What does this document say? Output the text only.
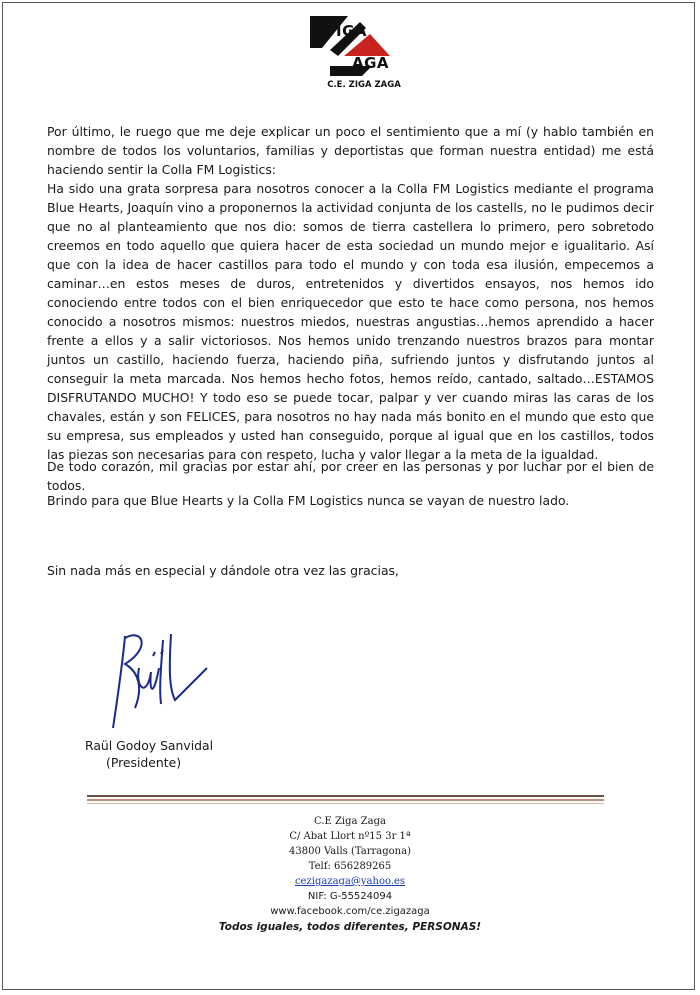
IGA
AGA
C.E. ZIGA ZAGA
Por último, le ruego que me deje explicar un poco el sentimiento que a mí (y hablo también en nombre de todos los voluntarios, familias y deportistas que forman nuestra entidad) me está haciendo sentir la Colla FM Logistics:
Ha sido una grata sorpresa para nosotros conocer a la Colla FM Logistics mediante el programa Blue Hearts, Joaquín vino a proponernos la actividad conjunta de los castells, no le pudimos decir que no al planteamiento que nos dio: somos de tierra castellera lo primero, pero sobretodo creemos en todo aquello que quiera hacer de esta sociedad un mundo mejor e igualitario. Así que con la idea de hacer castillos para todo el mundo y con toda esa ilusión, empecemos a caminar…en estos meses de duros, entretenidos y divertidos ensayos, nos hemos ido conociendo entre todos con el bien enriquecedor que esto te hace como persona, nos hemos conocido a nosotros mismos: nuestros miedos, nuestras angustias…hemos aprendido a hacer frente a ellos y a salir victoriosos. Nos hemos unido trenzando nuestros brazos para montar juntos un castillo, haciendo fuerza, haciendo piña, sufriendo juntos y disfrutando juntos al conseguir la meta marcada. Nos hemos hecho fotos, hemos reído, cantado, saltado…ESTAMOS DISFRUTANDO MUCHO! Y todo eso se puede tocar, palpar y ver cuando miras las caras de los chavales, están y son FELICES, para nosotros no hay nada más bonito en el mundo que esto que su empresa, sus empleados y usted han conseguido, porque al igual que en los castillos, todos las piezas son necesarias para con respeto, lucha y valor llegar a la meta de la igualdad.
De todo corazón, mil gracias por estar ahí, por creer en las personas y por luchar por el bien de todos.
Brindo para que Blue Hearts y la Colla FM Logistics nunca se vayan de nuestro lado.
Sin nada más en especial y dándole otra vez las gracias,
Raül Godoy Sanvidal
(Presidente)
C.E Ziga Zaga
C/ Abat Llort nº15 3r 1ª
43800 Valls (Tarragona)
Telf: 656289265
cezigazaga@yahoo.es
NIF: G-55524094
www.facebook.com/ce.zigazaga
Todos iguales, todos diferentes, PERSONAS!
